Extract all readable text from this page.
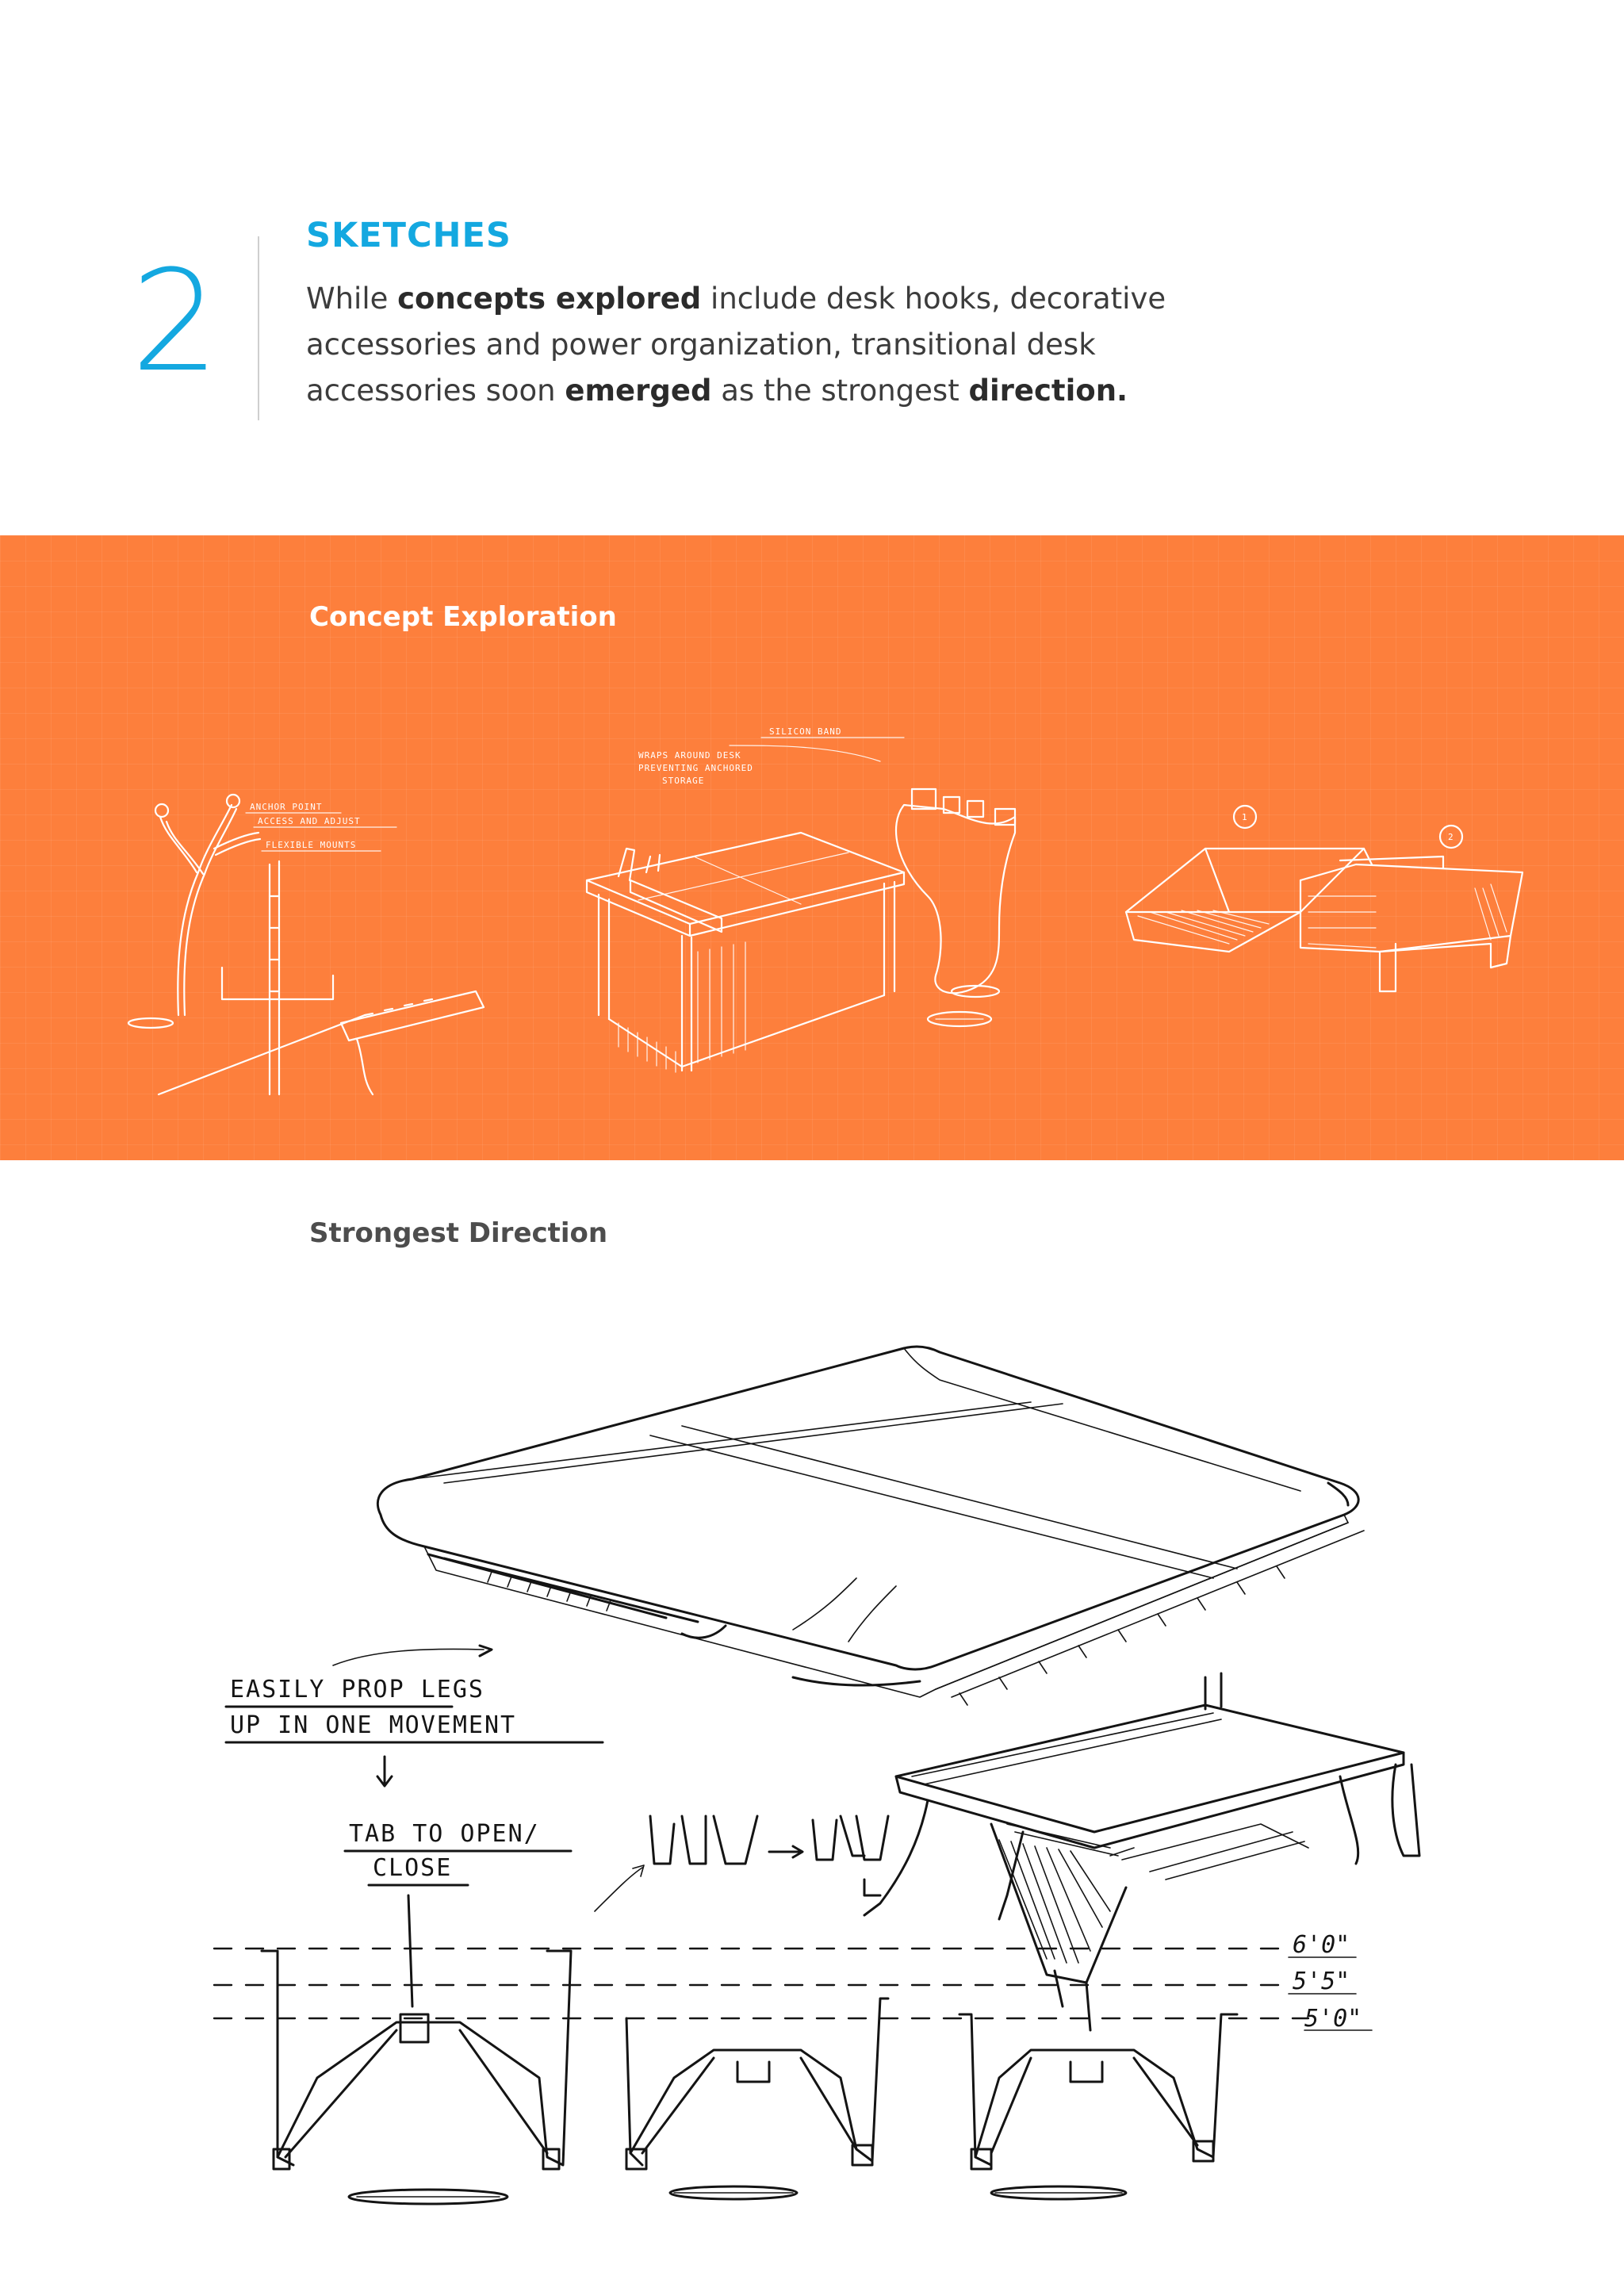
2
SKETCHES

While concepts explored include desk hooks, decorative accessories and power organization, transitional desk accessories soon emerged as the strongest direction.

Concept Exploration
ANCHOR POINT
ACCESS AND ADJUST
FLEXIBLE MOUNTS
SILICON BAND
WRAPS AROUND DESK
PREVENTING ANCHORED
STORAGE
1
2
Strongest Direction
EASILY PROP LEGS
UP IN ONE MOVEMENT
TAB TO OPEN/
CLOSE
6'0"
5'5"
5'0"
